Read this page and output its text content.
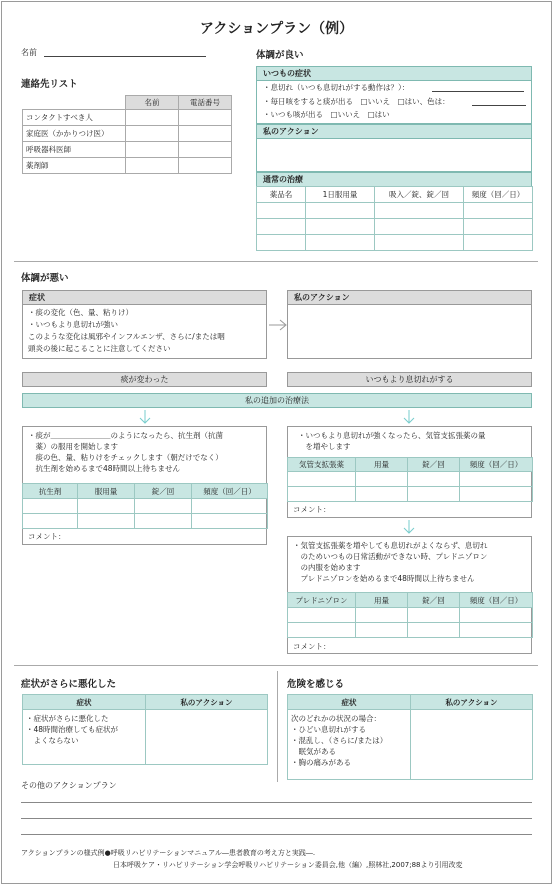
アクションプラン（例）
名前
連絡先リスト
	名前	電話番号
コンタクトすべき人		
家庭医（かかりつけ医）		
呼吸器科医師		
薬剤師		
体調が良い
いつもの症状
・息切れ（いつも息切れがする動作は？）：
・毎日咳をすると痰が出る　□いいえ　□はい、色は：
・いつも咳が出る　□いいえ　□はい
私のアクション
通常の治療
薬品名	1日服用量	吸入／錠、錠／回	頻度（回／日）

体調が悪い
症状
・痰の変化（色、量、粘りけ）
・いつもより息切れが強い
このような変化は風邪やインフルエンザ、さらに/または咽
頭炎の後に起こることに注意してください
私のアクション
痰が変わった	いつもより息切れがする
私の追加の治療法
・痰が＿＿＿＿＿＿＿＿のようになったら、抗生剤（抗菌
　薬）の服用を開始します
　痰の色、量、粘りけをチェックします（朝だけでなく）
　抗生剤を始めるまで48時間以上待ちません
抗生剤	服用量	錠／回	頻度（回／日）

コメント：
・いつもより息切れが強くなったら、気管支拡張薬の量
　を増やします
気管支拡張薬	用量	錠／回	頻度（回／日）

コメント：
・気管支拡張薬を増やしても息切れがよくならず、息切れ
　のためいつもの日常活動ができない時、プレドニゾロン
　の内服を始めます
　プレドニゾロンを始めるまで48時間以上待ちません
プレドニゾロン	用量	錠／回	頻度（回／日）

コメント：
症状がさらに悪化した
症状	私のアクション

・症状がさらに悪化した
・48時間治療しても症状が
　よくならない	

危険を感じる
症状	私のアクション

次のどれかの状況の場合：
・ひどい息切れがする
・混乱し、（さらに/または）
　眠気がある
・胸の痛みがある	

その他のアクションプラン
アクションプランの様式例●呼吸リハビリテーションマニュアル―患者教育の考え方と実践―.
日本呼吸ケア・リハビリテーション学会呼吸リハビリテーション委員会,他（編）,照林社,2007;88より引用改変
